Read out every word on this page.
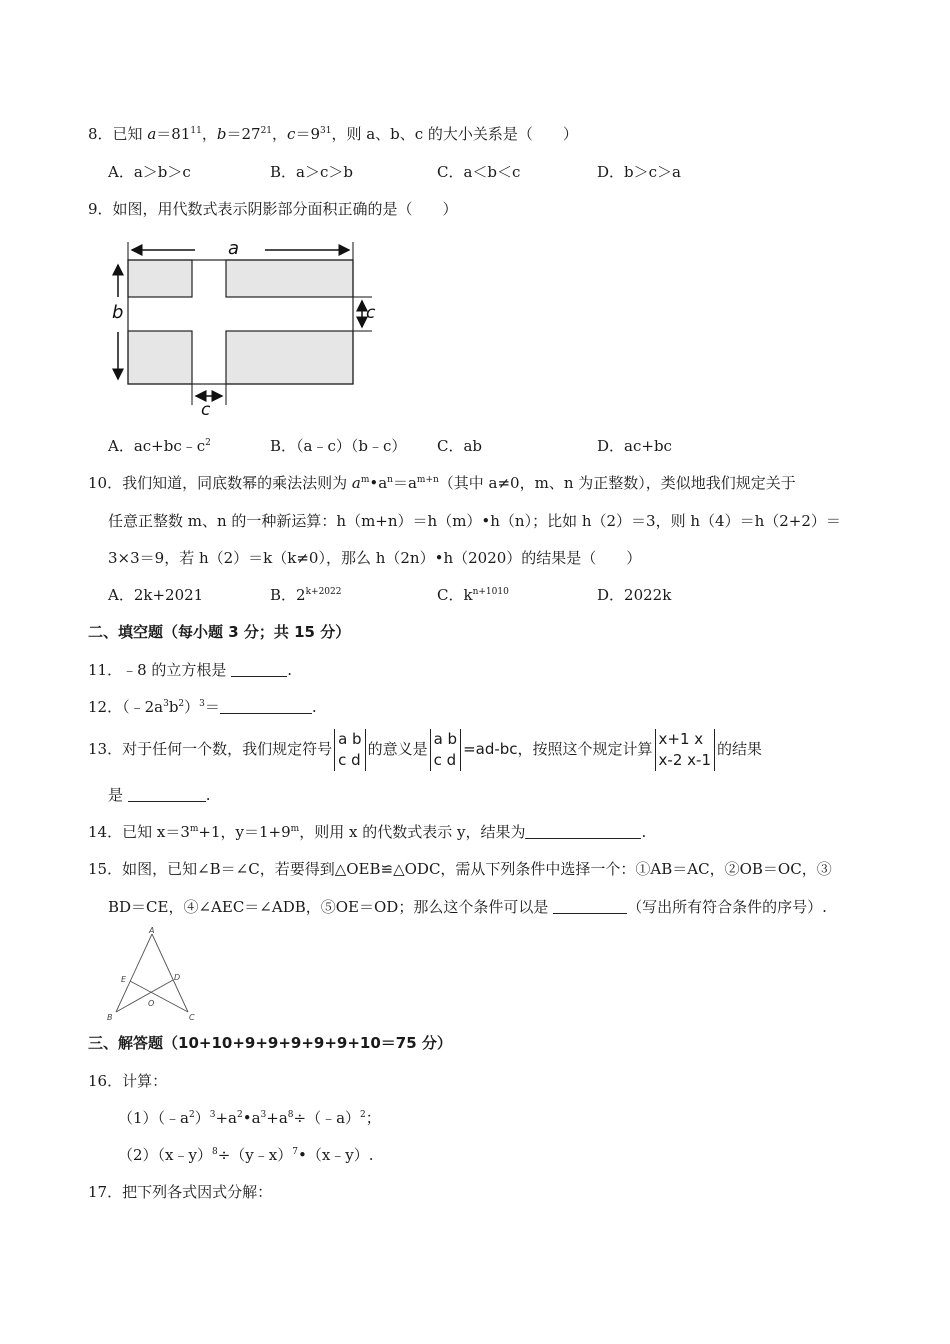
8．已知 $a=81^{11}$，$b=27^{21}$，$c=9^{31}$，则 a、b、c 的大小关系是（　　）
A．a＞b＞c	B．a＞c＞b	C．a＜b＜c	D．b＞c＞a
9．如图，用代数式表示阴影部分面积正确的是（　　）
a
b	c
c
A．$ac+bc﹣c^2$	B．（a﹣c）（b﹣c） C．ab	D．ac+bc
10．我们知道，同底数幂的乘法法则为 $a^m•a^n=a^{m+n}$（其中 a≠0，m、n 为正整数），类似地我们规定关于
任意正整数 m、n 的一种新运算：h（m+n）＝h（m）•h（n）；比如 h（2）＝3，则 h（4）＝h（2+2）＝
3×3＝9，若 h（2）＝k（k≠0），那么 h（2n）•h（2020）的结果是（　　）
A．2k+2021	B．$2^{k+2022}$	C．$k^{n+1010}$	D．2022k
二、填空题（每小题 3 分；共 15 分）
11．﹣8 的立方根是	.
12．$(﹣2a^3b^2)^3=$	.
13．对于任何一个数，我们规定符号
a b
c d
的意义是
a b
c d
=ad-bc，按照这个规定计算
x+1 x
x-2 x-1
的结果
是	.
14．已知 $x=3^m+1$，$y=1+9^m$，则用 x 的代数式表示 y，结果为	.
15．如图，已知∠B＝∠C，若要得到△OEB≌△ODC，需从下列条件中选择一个：①AB＝AC，②OB＝OC，③
BD＝CE，④∠AEC＝∠ADB，⑤OE＝OD；那么这个条件可以是	（写出所有符合条件的序号）.
A
B	C
D
E
O
三、解答题（10+10+9+9+9+9+9+10＝75 分）
16．计算：
$(1)(﹣a^2)^3+a^2•a^3+a^8\div(﹣a)^2$；
（2）（x﹣y）$^8$÷（y﹣x）$^7$•（x﹣y）.
17．把下列各式因式分解：
